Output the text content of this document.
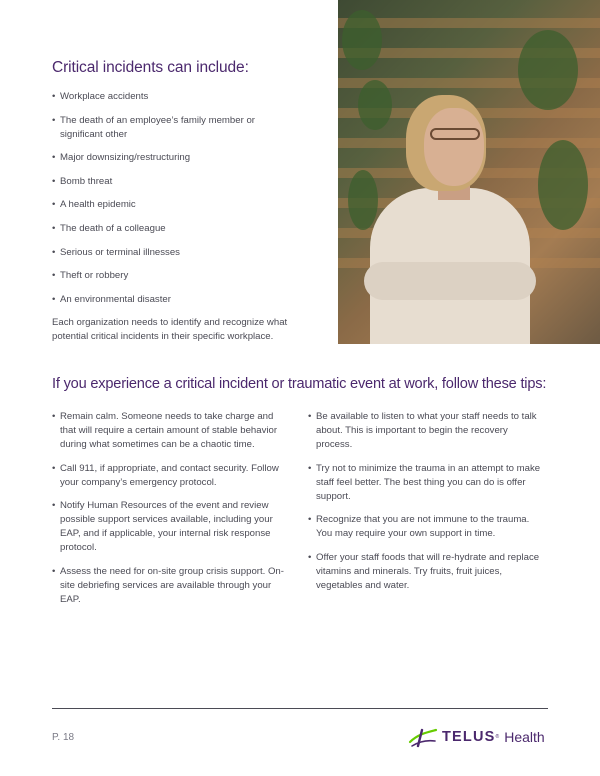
Critical incidents can include:
• Workplace accidents
• The death of an employee’s family member or significant other
• Major downsizing/restructuring
• Bomb threat
• A health epidemic
• The death of a colleague
• Serious or terminal illnesses
• Theft or robbery
• An environmental disaster

Each organization needs to identify and recognize what potential critical incidents in their specific workplace.

If you experience a critical incident or traumatic event at work, follow these tips:
• Remain calm. Someone needs to take charge and that will require a certain amount of stable behavior during what sometimes can be a chaotic time.
• Call 911, if appropriate, and contact security. Follow your company’s emergency protocol.
• Notify Human Resources of the event and review possible support services available, including your EAP, and if applicable, your internal risk response protocol.
• Assess the need for on-site group crisis support. On-site debriefing services are available through your EAP.
• Be available to listen to what your staff needs to talk about. This is important to begin the recovery process.
• Try not to minimize the trauma in an attempt to make staff feel better. The best thing you can do is offer support.
• Recognize that you are not immune to the trauma. You may require your own support in time.
• Offer your staff foods that will re-hydrate and replace vitamins and minerals. Try fruits, fruit juices, vegetables and water.
P. 18	TELUS ® Health
